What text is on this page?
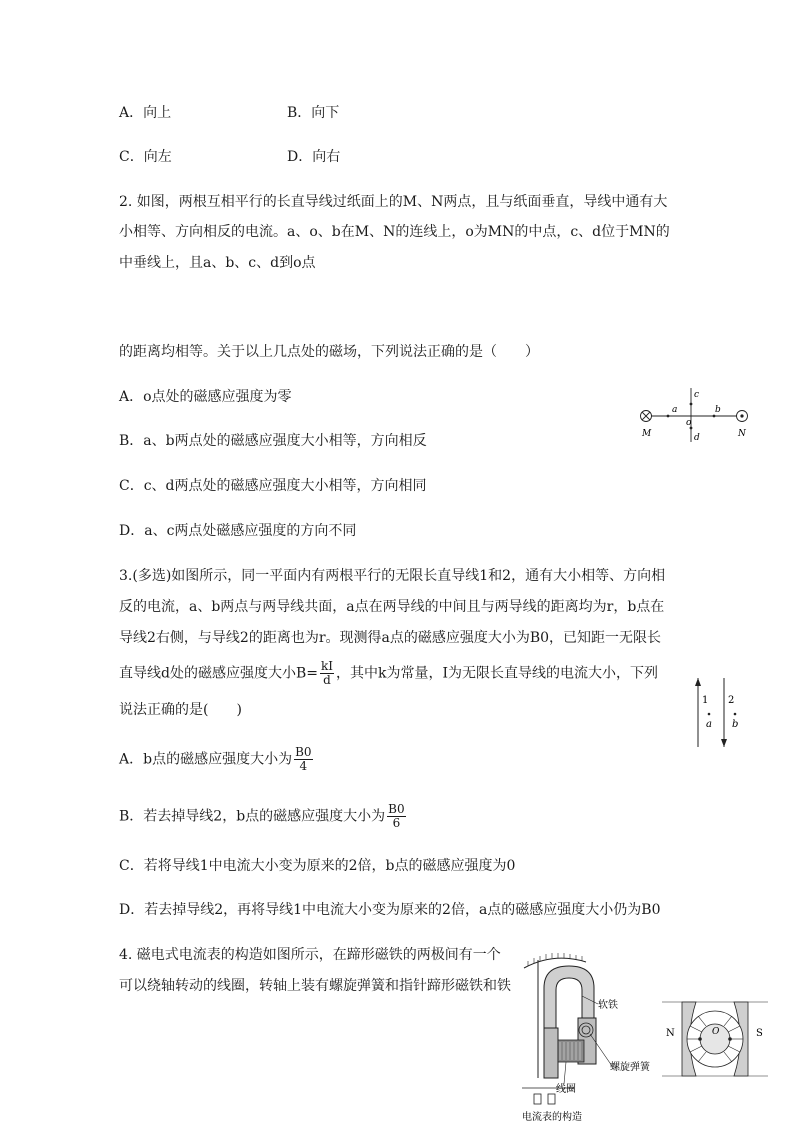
A．向上	B．向下
C．向左	D．向右
2. 如图，两根互相平行的长直导线过纸面上的M、N两点，且与纸面垂直，导线中通有大
小相等、方向相反的电流。a、o、b在M、N的连线上，o为MN的中点，c、d位于MN的
中垂线上，且a、b、c、d到o点
的距离均相等。关于以上几点处的磁场，下列说法正确的是（　　）
A．o点处的磁感应强度为零
B．a、b两点处的磁感应强度大小相等，方向相反
C．c、d两点处的磁感应强度大小相等，方向相同
D．a、c两点处磁感应强度的方向不同
M	N
a	b
c
d
o
3.(多选)如图所示，同一平面内有两根平行的无限长直导线1和2，通有大小相等、方向相
反的电流，a、b两点与两导线共面，a点在两导线的中间且与两导线的距离均为r，b点在
导线2右侧，与导线2的距离也为r。现测得a点的磁感应强度大小为B0，已知距一无限长
直导线d处的磁感应强度大小$B= \frac{kI}{d}$ ，其中k为常量，I为无限长直导线的电流大小，下列
说法正确的是(　　)
A．b点的磁感应强度大小为 $\frac{B0}{4}$
B．若去掉导线2，b点的磁感应强度大小为 $\frac{B0}{6}$
C．若将导线1中电流大小变为原来的2倍，b点的磁感应强度为0
D．若去掉导线2，再将导线1中电流大小变为原来的2倍，a点的磁感应强度大小仍为B0
1 2
a b
4. 磁电式电流表的构造如图所示，在蹄形磁铁的两极间有一个
可以绕轴转动的线圈，转轴上装有螺旋弹簧和指针蹄形磁铁和铁
软铁
螺旋弹簧
线圈
电流表的构造
N	S
O
